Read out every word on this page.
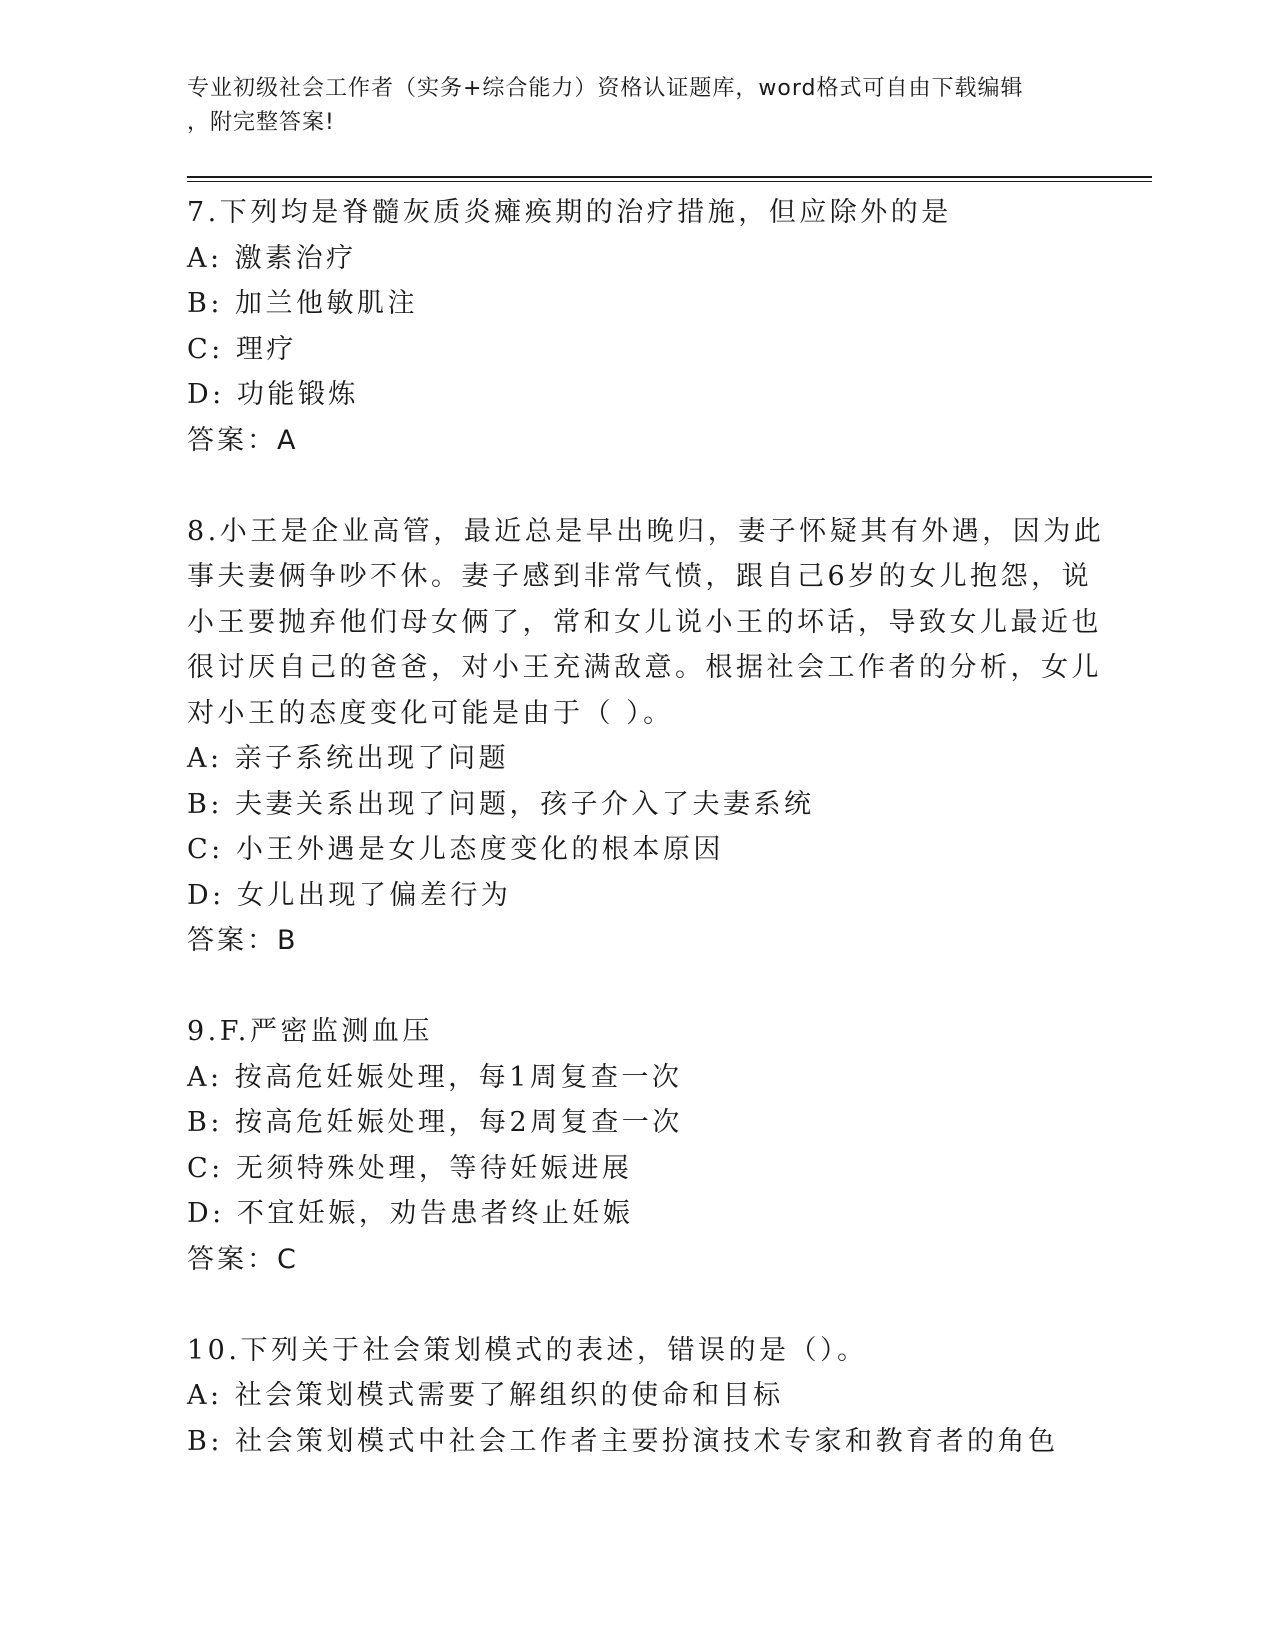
专业初级社会工作者（实务+综合能力）资格认证题库，word格式可自由下载编辑
，附完整答案!
7.下列均是脊髓灰质炎瘫痪期的治疗措施，但应除外的是
A: 激素治疗
B: 加兰他敏肌注
C: 理疗
D: 功能锻炼
答案：A
8.小王是企业高管，最近总是早出晚归，妻子怀疑其有外遇，因为此
事夫妻俩争吵不休。妻子感到非常气愤，跟自己6岁的女儿抱怨，说
小王要抛弃他们母女俩了，常和女儿说小王的坏话，导致女儿最近也
很讨厌自己的爸爸，对小王充满敌意。根据社会工作者的分析，女儿
对小王的态度变化可能是由于（ ）。
A: 亲子系统出现了问题
B: 夫妻关系出现了问题，孩子介入了夫妻系统
C: 小王外遇是女儿态度变化的根本原因
D: 女儿出现了偏差行为
答案：B
9.F.严密监测血压
A: 按高危妊娠处理，每1周复查一次
B: 按高危妊娠处理，每2周复查一次
C: 无须特殊处理，等待妊娠进展
D: 不宜妊娠，劝告患者终止妊娠
答案：C
10.下列关于社会策划模式的表述，错误的是（）。
A: 社会策划模式需要了解组织的使命和目标
B: 社会策划模式中社会工作者主要扮演技术专家和教育者的角色
